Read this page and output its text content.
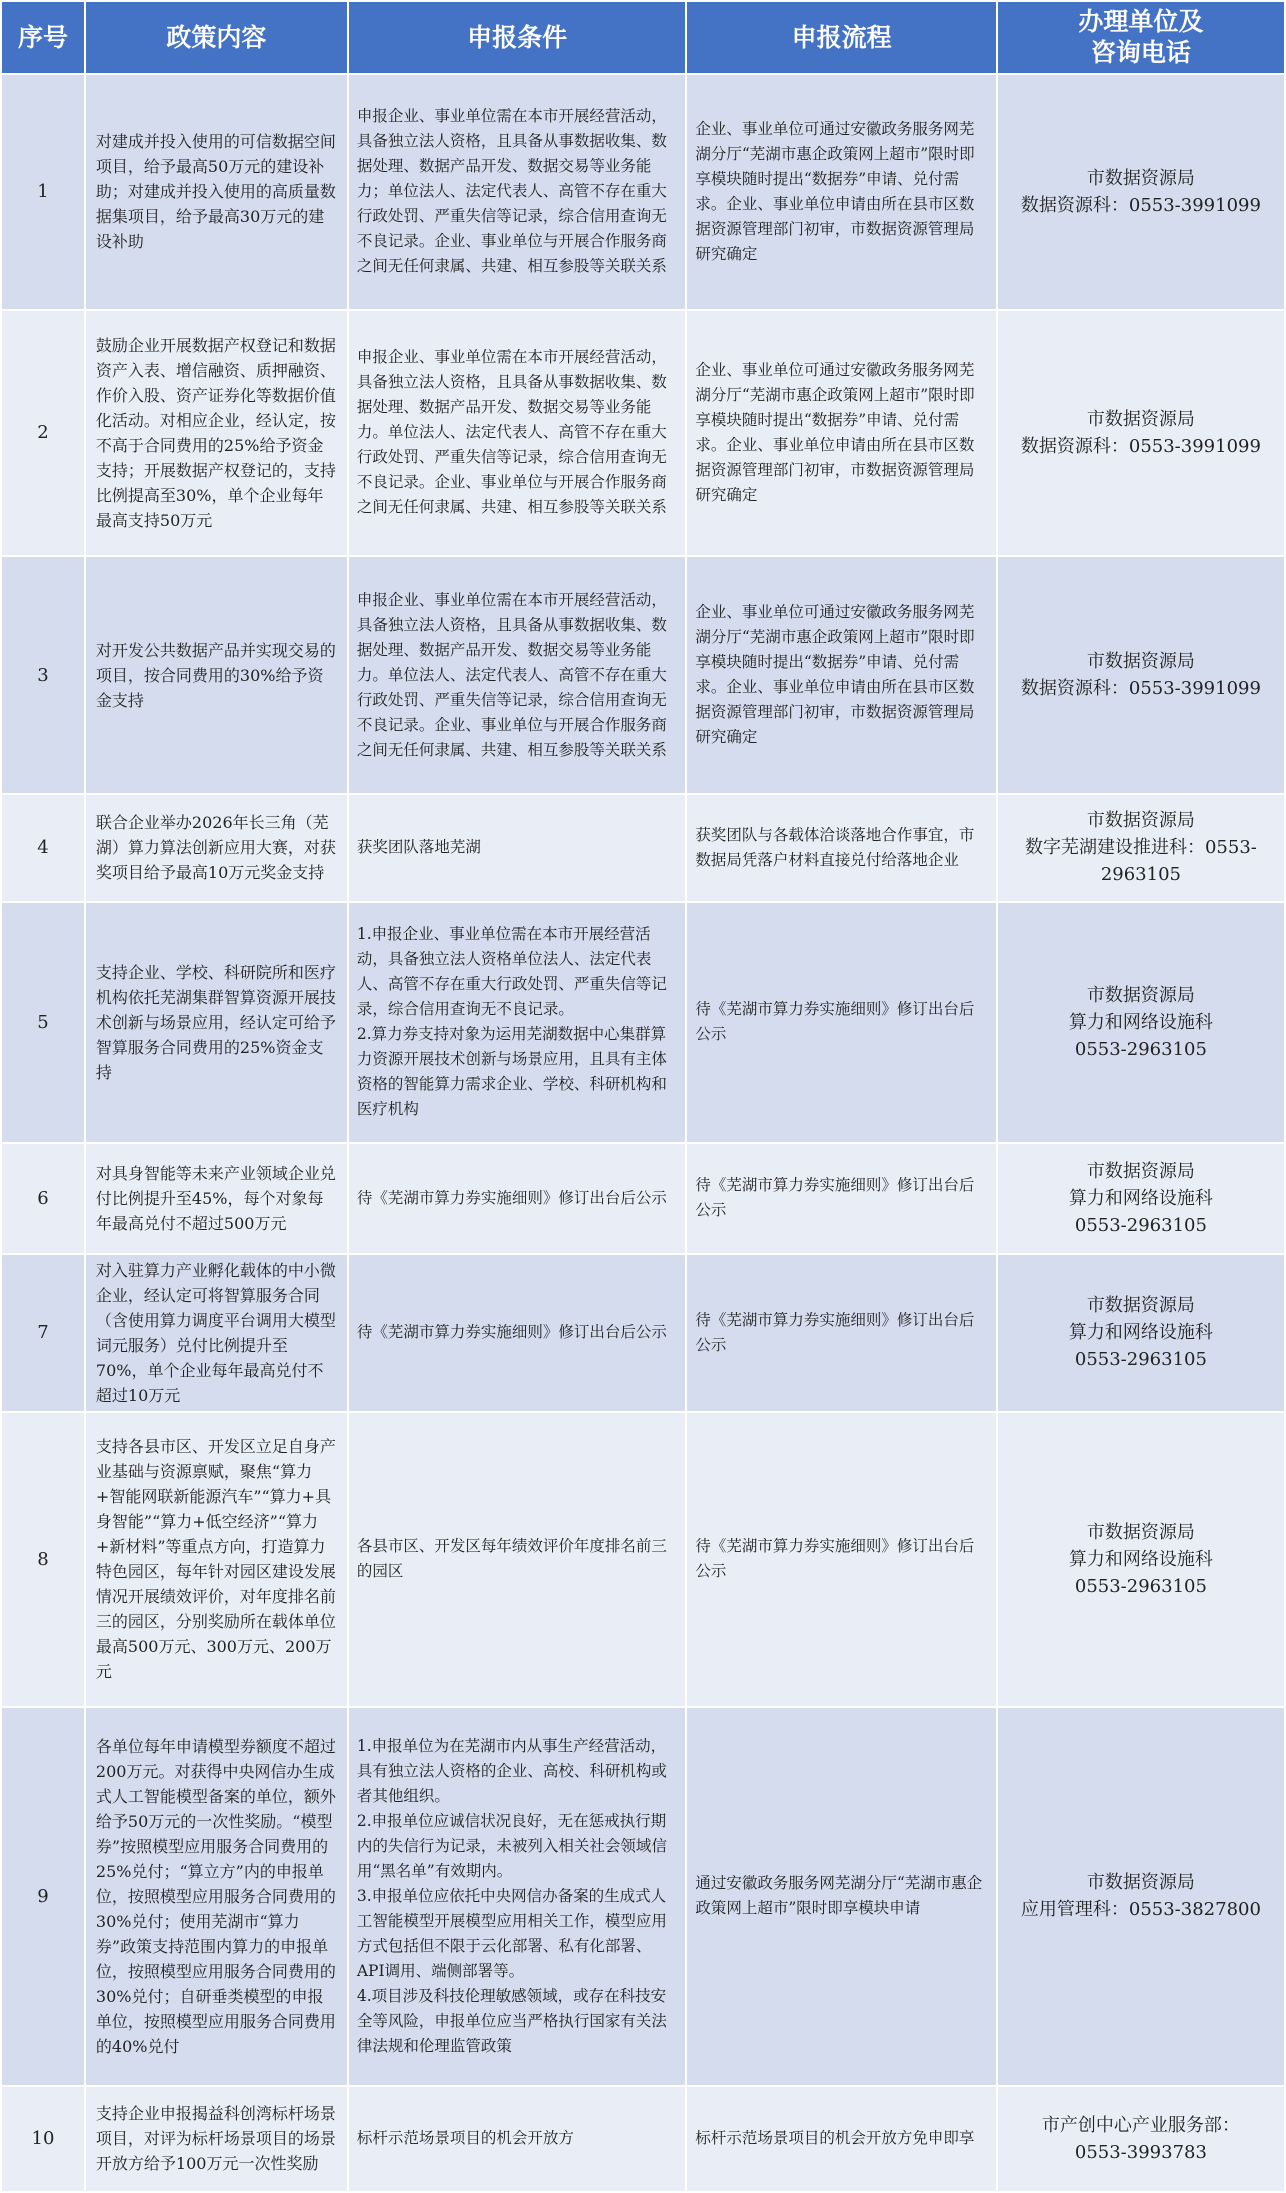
序号	政策内容	申报条件	申报流程	办理单位及
咨询电话

1	对建成并投入使用的可信数据空间项目，给予最高50万元的建设补助；对建成并投入使用的高质量数据集项目，给予最高30万元的建设补助	申报企业、事业单位需在本市开展经营活动，具备独立法人资格，且具备从事数据收集、数据处理、数据产品开发、数据交易等业务能力；单位法人、法定代表人、高管不存在重大行政处罚、严重失信等记录，综合信用查询无不良记录。企业、事业单位与开展合作服务商之间无任何隶属、共建、相互参股等关联关系	企业、事业单位可通过安徽政务服务网芜湖分厅“芜湖市惠企政策网上超市”限时即享模块随时提出“数据券”申请、兑付需求。企业、事业单位申请由所在县市区数据资源管理部门初审，市数据资源管理局研究确定	市数据资源局
数据资源科：0553-3991099

2	鼓励企业开展数据产权登记和数据资产入表、增信融资、质押融资、作价入股、资产证券化等数据价值化活动。对相应企业，经认定，按不高于合同费用的25%给予资金支持；开展数据产权登记的，支持比例提高至30%，单个企业每年最高支持50万元	申报企业、事业单位需在本市开展经营活动，具备独立法人资格，且具备从事数据收集、数据处理、数据产品开发、数据交易等业务能力。单位法人、法定代表人、高管不存在重大行政处罚、严重失信等记录，综合信用查询无不良记录。企业、事业单位与开展合作服务商之间无任何隶属、共建、相互参股等关联关系	企业、事业单位可通过安徽政务服务网芜湖分厅“芜湖市惠企政策网上超市”限时即享模块随时提出“数据券”申请、兑付需求。企业、事业单位申请由所在县市区数据资源管理部门初审，市数据资源管理局研究确定	市数据资源局
数据资源科：0553-3991099

3	对开发公共数据产品并实现交易的项目，按合同费用的30%给予资金支持	申报企业、事业单位需在本市开展经营活动，具备独立法人资格，且具备从事数据收集、数据处理、数据产品开发、数据交易等业务能力。单位法人、法定代表人、高管不存在重大行政处罚、严重失信等记录，综合信用查询无不良记录。企业、事业单位与开展合作服务商之间无任何隶属、共建、相互参股等关联关系	企业、事业单位可通过安徽政务服务网芜湖分厅“芜湖市惠企政策网上超市”限时即享模块随时提出“数据券”申请、兑付需求。企业、事业单位申请由所在县市区数据资源管理部门初审，市数据资源管理局研究确定	市数据资源局
数据资源科：0553-3991099

4	联合企业举办2026年长三角（芜湖）算力算法创新应用大赛，对获奖项目给予最高10万元奖金支持	获奖团队落地芜湖	获奖团队与各载体洽谈落地合作事宜，市数据局凭落户材料直接兑付给落地企业	市数据资源局
数字芜湖建设推进科：0553-
2963105

5	支持企业、学校、科研院所和医疗机构依托芜湖集群智算资源开展技术创新与场景应用，经认定可给予智算服务合同费用的25%资金支持	1.申报企业、事业单位需在本市开展经营活动，具备独立法人资格单位法人、法定代表人、高管不存在重大行政处罚、严重失信等记录，综合信用查询无不良记录。
2.算力券支持对象为运用芜湖数据中心集群算力资源开展技术创新与场景应用，且具有主体资格的智能算力需求企业、学校、科研机构和医疗机构	待《芜湖市算力券实施细则》修订出台后公示	市数据资源局
算力和网络设施科
0553-2963105

6	对具身智能等未来产业领域企业兑付比例提升至45%，每个对象每年最高兑付不超过500万元	待《芜湖市算力券实施细则》修订出台后公示	待《芜湖市算力券实施细则》修订出台后公示	市数据资源局
算力和网络设施科
0553-2963105

7	对入驻算力产业孵化载体的中小微企业，经认定可将智算服务合同（含使用算力调度平台调用大模型词元服务）兑付比例提升至70%，单个企业每年最高兑付不超过10万元	待《芜湖市算力券实施细则》修订出台后公示	待《芜湖市算力券实施细则》修订出台后公示	市数据资源局
算力和网络设施科
0553-2963105

8	支持各县市区、开发区立足自身产业基础与资源禀赋，聚焦“算力+智能网联新能源汽车”“算力+具身智能”“算力+低空经济”“算力+新材料”等重点方向，打造算力特色园区，每年针对园区建设发展情况开展绩效评价，对年度排名前三的园区，分别奖励所在载体单位最高500万元、300万元、200万元	各县市区、开发区每年绩效评价年度排名前三的园区	待《芜湖市算力券实施细则》修订出台后公示	市数据资源局
算力和网络设施科
0553-2963105

9	各单位每年申请模型券额度不超过200万元。对获得中央网信办生成式人工智能模型备案的单位，额外给予50万元的一次性奖励。“模型券”按照模型应用服务合同费用的25%兑付；“算立方”内的申报单位，按照模型应用服务合同费用的30%兑付；使用芜湖市“算力券”政策支持范围内算力的申报单位，按照模型应用服务合同费用的30%兑付；自研垂类模型的申报单位，按照模型应用服务合同费用的40%兑付	1.申报单位为在芜湖市内从事生产经营活动，具有独立法人资格的企业、高校、科研机构或者其他组织。
2.申报单位应诚信状况良好，无在惩戒执行期内的失信行为记录，未被列入相关社会领域信用“黑名单”有效期内。
3.申报单位应依托中央网信办备案的生成式人工智能模型开展模型应用相关工作，模型应用方式包括但不限于云化部署、私有化部署、API调用、端侧部署等。
4.项目涉及科技伦理敏感领域，或存在科技安全等风险，申报单位应当严格执行国家有关法律法规和伦理监管政策	通过安徽政务服务网芜湖分厅“芜湖市惠企政策网上超市”限时即享模块申请	市数据资源局
应用管理科：0553-3827800

10	支持企业申报揭益科创湾标杆场景项目，对评为标杆场景项目的场景开放方给予100万元一次性奖励	标杆示范场景项目的机会开放方	标杆示范场景项目的机会开放方免申即享	市产创中心产业服务部：
0553-3993783
